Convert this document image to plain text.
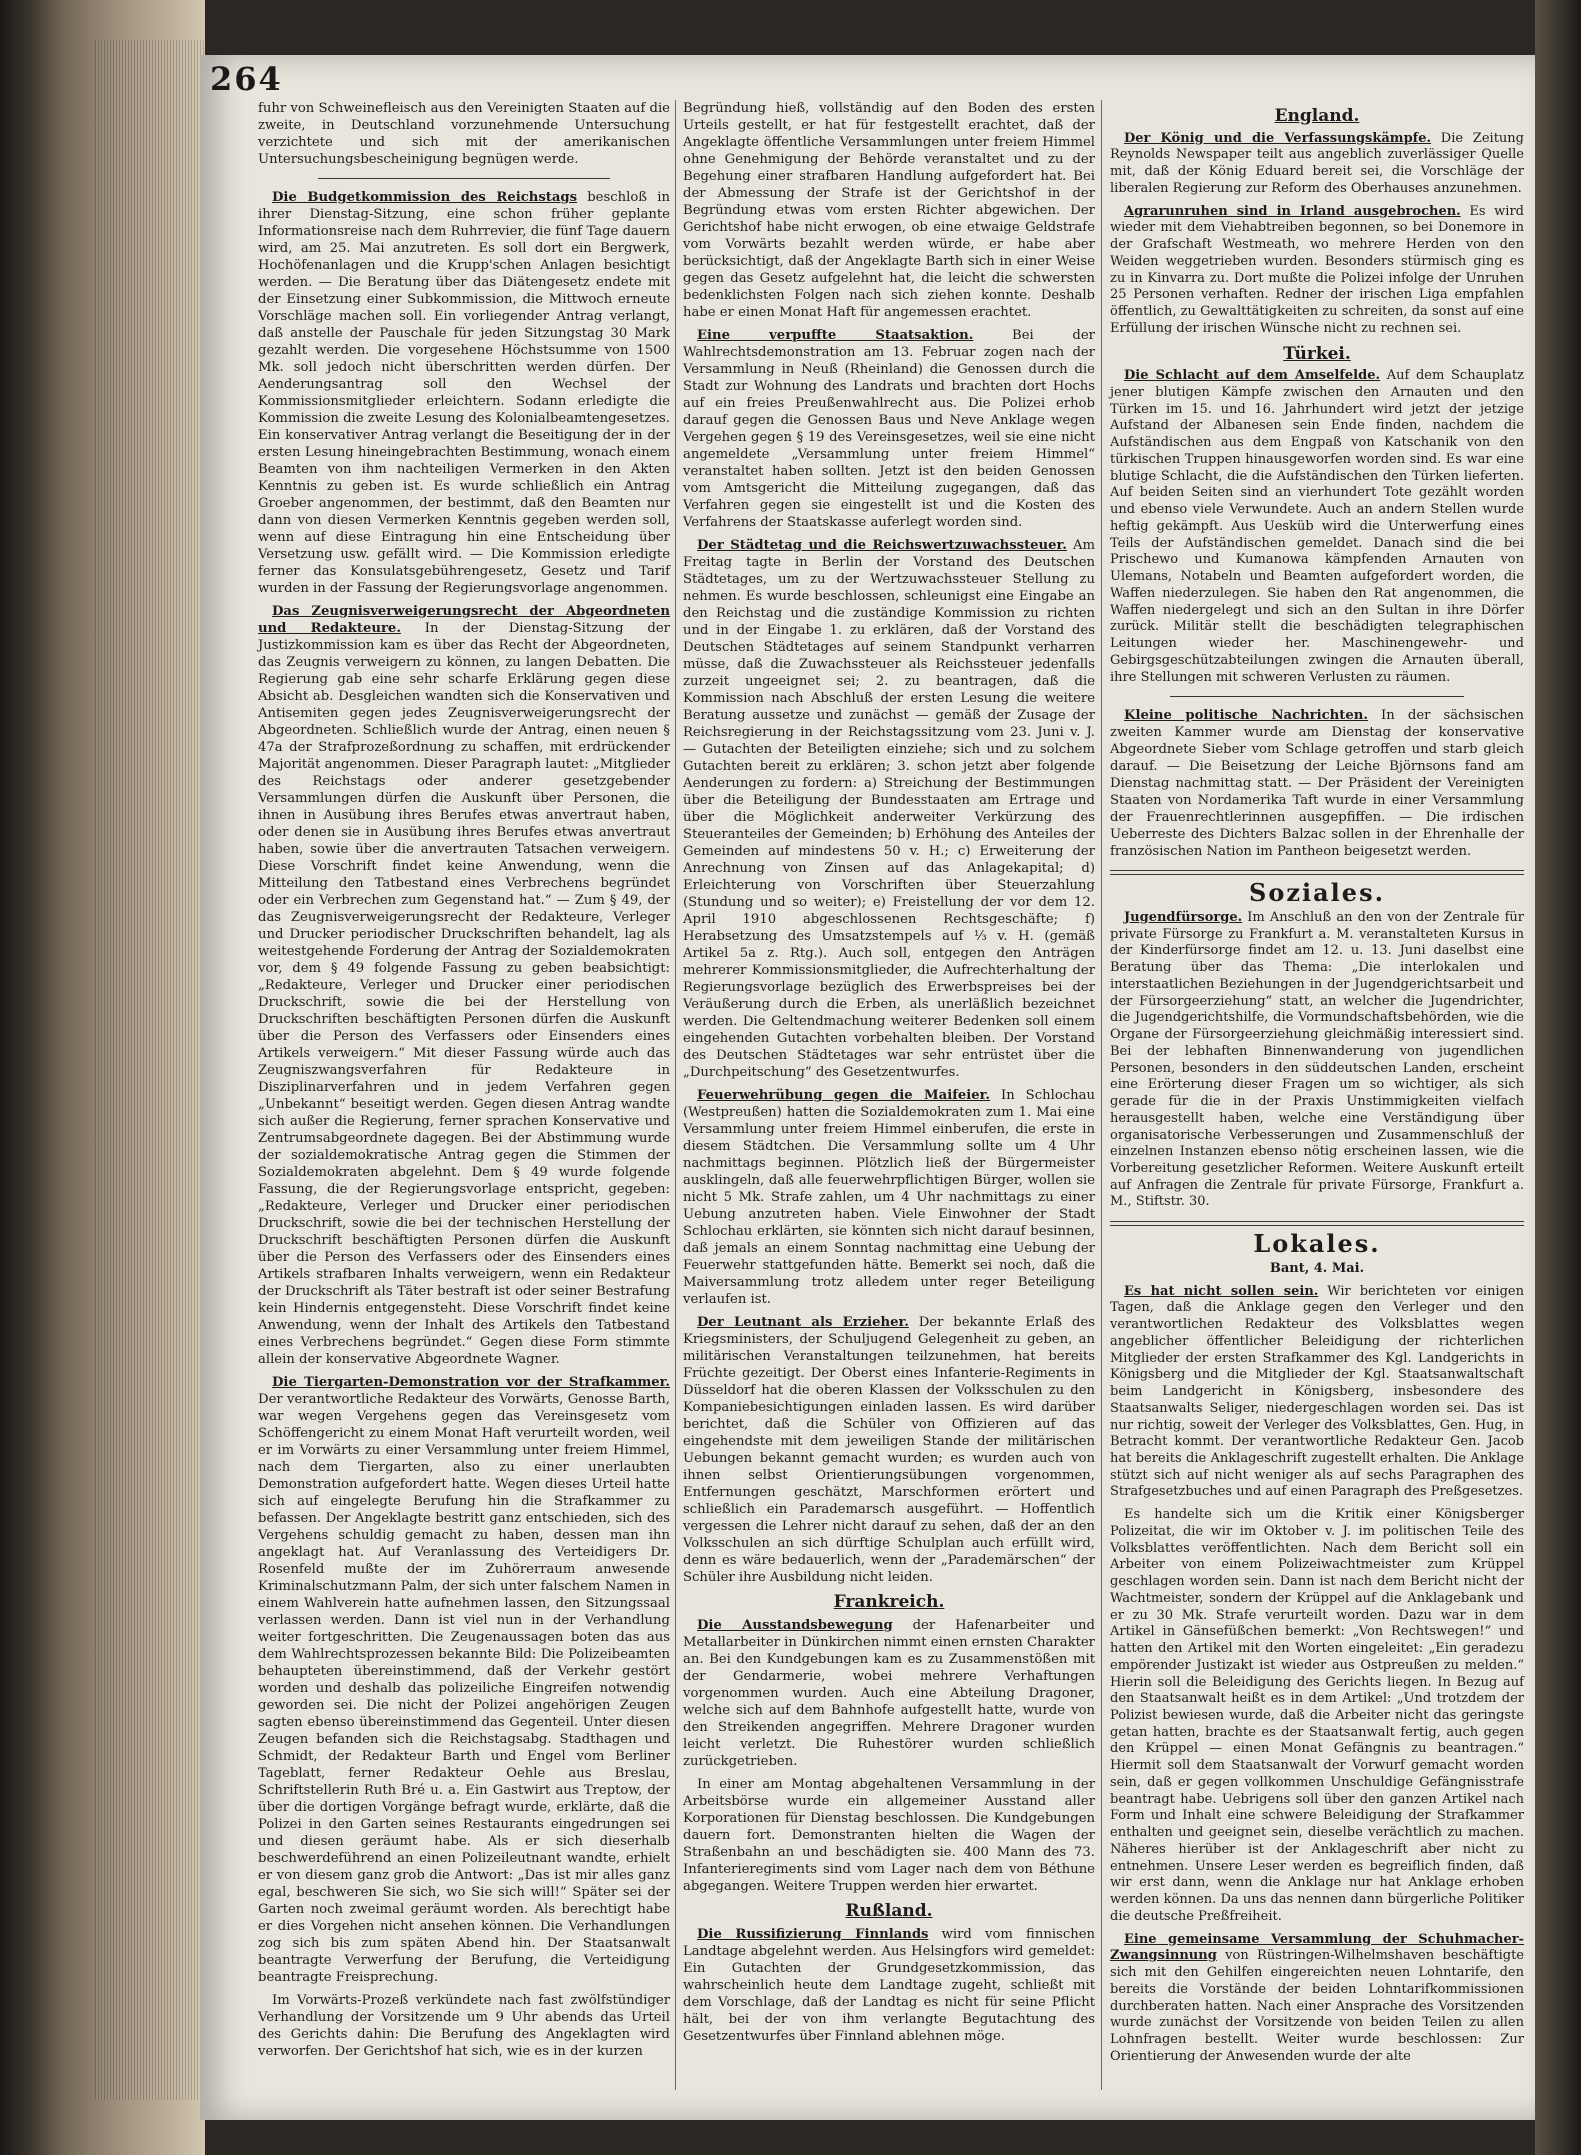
264

fuhr von Schweinefleisch aus den Vereinigten Staaten auf die zweite, in Deutschland vorzunehmende Untersuchung verzichtete und sich mit der amerikanischen Untersuchungsbescheinigung begnügen werde.

Die Budgetkommission des Reichstags beschloß in ihrer Dienstag-Sitzung, eine schon früher geplante Informationsreise nach dem Ruhrrevier, die fünf Tage dauern wird, am 25. Mai anzutreten. Es soll dort ein Bergwerk, Hochöfenanlagen und die Krupp'schen Anlagen besichtigt werden. — Die Beratung über das Diätengesetz endete mit der Einsetzung einer Subkommission, die Mittwoch erneute Vorschläge machen soll. Ein vorliegender Antrag verlangt, daß anstelle der Pauschale für jeden Sitzungstag 30 Mark gezahlt werden. Die vorgesehene Höchstsumme von 1500 Mk. soll jedoch nicht überschritten werden dürfen. Der Aenderungsantrag soll den Wechsel der Kommissionsmitglieder erleichtern. Sodann erledigte die Kommission die zweite Lesung des Kolonialbeamtengesetzes. Ein konservativer Antrag verlangt die Beseitigung der in der ersten Lesung hineingebrachten Bestimmung, wonach einem Beamten von ihm nachteiligen Vermerken in den Akten Kenntnis zu geben ist. Es wurde schließlich ein Antrag Groeber angenommen, der bestimmt, daß den Beamten nur dann von diesen Vermerken Kenntnis gegeben werden soll, wenn auf diese Eintragung hin eine Entscheidung über Versetzung usw. gefällt wird. — Die Kommission erledigte ferner das Konsulatsgebührengesetz, Gesetz und Tarif wurden in der Fassung der Regierungsvorlage angenommen.

Das Zeugnisverweigerungsrecht der Abgeordneten und Redakteure. In der Dienstag-Sitzung der Justizkommission kam es über das Recht der Abgeordneten, das Zeugnis verweigern zu können, zu langen Debatten. Die Regierung gab eine sehr scharfe Erklärung gegen diese Absicht ab. Desgleichen wandten sich die Konservativen und Antisemiten gegen jedes Zeugnisverweigerungsrecht der Abgeordneten. Schließlich wurde der Antrag, einen neuen § 47a der Strafprozeßordnung zu schaffen, mit erdrückender Majorität angenommen. Dieser Paragraph lautet: „Mitglieder des Reichstags oder anderer gesetzgebender Versammlungen dürfen die Auskunft über Personen, die ihnen in Ausübung ihres Berufes etwas anvertraut haben, oder denen sie in Ausübung ihres Berufes etwas anvertraut haben, sowie über die anvertrauten Tatsachen verweigern. Diese Vorschrift findet keine Anwendung, wenn die Mitteilung den Tatbestand eines Verbrechens begründet oder ein Verbrechen zum Gegenstand hat.“ — Zum § 49, der das Zeugnisverweigerungsrecht der Redakteure, Verleger und Drucker periodischer Druckschriften behandelt, lag als weitestgehende Forderung der Antrag der Sozialdemokraten vor, dem § 49 folgende Fassung zu geben beabsichtigt: „Redakteure, Verleger und Drucker einer periodischen Druckschrift, sowie die bei der Herstellung von Druckschriften beschäftigten Personen dürfen die Auskunft über die Person des Verfassers oder Einsenders eines Artikels verweigern.“ Mit dieser Fassung würde auch das Zeugniszwangsverfahren für Redakteure in Disziplinarverfahren und in jedem Verfahren gegen „Unbekannt“ beseitigt werden. Gegen diesen Antrag wandte sich außer die Regierung, ferner sprachen Konservative und Zentrumsabgeordnete dagegen. Bei der Abstimmung wurde der sozialdemokratische Antrag gegen die Stimmen der Sozialdemokraten abgelehnt. Dem § 49 wurde folgende Fassung, die der Regierungsvorlage entspricht, gegeben: „Redakteure, Verleger und Drucker einer periodischen Druckschrift, sowie die bei der technischen Herstellung der Druckschrift beschäftigten Personen dürfen die Auskunft über die Person des Verfassers oder des Einsenders eines Artikels strafbaren Inhalts verweigern, wenn ein Redakteur der Druckschrift als Täter bestraft ist oder seiner Bestrafung kein Hindernis entgegensteht. Diese Vorschrift findet keine Anwendung, wenn der Inhalt des Artikels den Tatbestand eines Verbrechens begründet.“ Gegen diese Form stimmte allein der konservative Abgeordnete Wagner.

Die Tiergarten-Demonstration vor der Strafkammer. Der verantwortliche Redakteur des Vorwärts, Genosse Barth, war wegen Vergehens gegen das Vereinsgesetz vom Schöffengericht zu einem Monat Haft verurteilt worden, weil er im Vorwärts zu einer Versammlung unter freiem Himmel, nach dem Tiergarten, also zu einer unerlaubten Demonstration aufgefordert hatte. Wegen dieses Urteil hatte sich auf eingelegte Berufung hin die Strafkammer zu befassen. Der Angeklagte bestritt ganz entschieden, sich des Vergehens schuldig gemacht zu haben, dessen man ihn angeklagt hat. Auf Veranlassung des Verteidigers Dr. Rosenfeld mußte der im Zuhörerraum anwesende Kriminalschutzmann Palm, der sich unter falschem Namen in einem Wahlverein hatte aufnehmen lassen, den Sitzungssaal verlassen werden. Dann ist viel nun in der Verhandlung weiter fortgeschritten. Die Zeugenaussagen boten das aus dem Wahlrechtsprozessen bekannte Bild: Die Polizeibeamten behaupteten übereinstimmend, daß der Verkehr gestört worden und deshalb das polizeiliche Eingreifen notwendig geworden sei. Die nicht der Polizei angehörigen Zeugen sagten ebenso übereinstimmend das Gegenteil. Unter diesen Zeugen befanden sich die Reichstagsabg. Stadthagen und Schmidt, der Redakteur Barth und Engel vom Berliner Tageblatt, ferner Redakteur Oehle aus Breslau, Schriftstellerin Ruth Bré u. a. Ein Gastwirt aus Treptow, der über die dortigen Vorgänge befragt wurde, erklärte, daß die Polizei in den Garten seines Restaurants eingedrungen sei und diesen geräumt habe. Als er sich dieserhalb beschwerdeführend an einen Polizeileutnant wandte, erhielt er von diesem ganz grob die Antwort: „Das ist mir alles ganz egal, beschweren Sie sich, wo Sie sich will!“ Später sei der Garten noch zweimal geräumt worden. Als berechtigt habe er dies Vorgehen nicht ansehen können. Die Verhandlungen zog sich bis zum späten Abend hin. Der Staatsanwalt beantragte Verwerfung der Berufung, die Verteidigung beantragte Freisprechung.

Im Vorwärts-Prozeß verkündete nach fast zwölfstündiger Verhandlung der Vorsitzende um 9 Uhr abends das Urteil des Gerichts dahin: Die Berufung des Angeklagten wird verworfen. Der Gerichtshof hat sich, wie es in der kurzen

Begründung hieß, vollständig auf den Boden des ersten Urteils gestellt, er hat für festgestellt erachtet, daß der Angeklagte öffentliche Versammlungen unter freiem Himmel ohne Genehmigung der Behörde veranstaltet und zu der Begehung einer strafbaren Handlung aufgefordert hat. Bei der Abmessung der Strafe ist der Gerichtshof in der Begründung etwas vom ersten Richter abgewichen. Der Gerichtshof habe nicht erwogen, ob eine etwaige Geldstrafe vom Vorwärts bezahlt werden würde, er habe aber berücksichtigt, daß der Angeklagte Barth sich in einer Weise gegen das Gesetz aufgelehnt hat, die leicht die schwersten bedenklichsten Folgen nach sich ziehen konnte. Deshalb habe er einen Monat Haft für angemessen erachtet.

Eine verpuffte Staatsaktion. Bei der Wahlrechtsdemonstration am 13. Februar zogen nach der Versammlung in Neuß (Rheinland) die Genossen durch die Stadt zur Wohnung des Landrats und brachten dort Hochs auf ein freies Preußenwahlrecht aus. Die Polizei erhob darauf gegen die Genossen Baus und Neve Anklage wegen Vergehen gegen § 19 des Vereinsgesetzes, weil sie eine nicht angemeldete „Versammlung unter freiem Himmel“ veranstaltet haben sollten. Jetzt ist den beiden Genossen vom Amtsgericht die Mitteilung zugegangen, daß das Verfahren gegen sie eingestellt ist und die Kosten des Verfahrens der Staatskasse auferlegt worden sind.

Der Städtetag und die Reichswertzuwachssteuer. Am Freitag tagte in Berlin der Vorstand des Deutschen Städtetages, um zu der Wertzuwachssteuer Stellung zu nehmen. Es wurde beschlossen, schleunigst eine Eingabe an den Reichstag und die zuständige Kommission zu richten und in der Eingabe 1. zu erklären, daß der Vorstand des Deutschen Städtetages auf seinem Standpunkt verharren müsse, daß die Zuwachssteuer als Reichssteuer jedenfalls zurzeit ungeeignet sei; 2. zu beantragen, daß die Kommission nach Abschluß der ersten Lesung die weitere Beratung aussetze und zunächst — gemäß der Zusage der Reichsregierung in der Reichstagssitzung vom 23. Juni v. J. — Gutachten der Beteiligten einziehe; sich und zu solchem Gutachten bereit zu erklären; 3. schon jetzt aber folgende Aenderungen zu fordern: a) Streichung der Bestimmungen über die Beteiligung der Bundesstaaten am Ertrage und über die Möglichkeit anderweiter Verkürzung des Steueranteiles der Gemeinden; b) Erhöhung des Anteiles der Gemeinden auf mindestens 50 v. H.; c) Erweiterung der Anrechnung von Zinsen auf das Anlagekapital; d) Erleichterung von Vorschriften über Steuerzahlung (Stundung und so weiter); e) Freistellung der vor dem 12. April 1910 abgeschlossenen Rechtsgeschäfte; f) Herabsetzung des Umsatzstempels auf ⅓ v. H. (gemäß Artikel 5a z. Rtg.). Auch soll, entgegen den Anträgen mehrerer Kommissionsmitglieder, die Aufrechterhaltung der Regierungsvorlage bezüglich des Erwerbspreises bei der Veräußerung durch die Erben, als unerläßlich bezeichnet werden. Die Geltendmachung weiterer Bedenken soll einem eingehenden Gutachten vorbehalten bleiben. Der Vorstand des Deutschen Städtetages war sehr entrüstet über die „Durchpeitschung“ des Gesetzentwurfes.

Feuerwehrübung gegen die Maifeier. In Schlochau (Westpreußen) hatten die Sozialdemokraten zum 1. Mai eine Versammlung unter freiem Himmel einberufen, die erste in diesem Städtchen. Die Versammlung sollte um 4 Uhr nachmittags beginnen. Plötzlich ließ der Bürgermeister ausklingeln, daß alle feuerwehrpflichtigen Bürger, wollen sie nicht 5 Mk. Strafe zahlen, um 4 Uhr nachmittags zu einer Uebung anzutreten haben. Viele Einwohner der Stadt Schlochau erklärten, sie könnten sich nicht darauf besinnen, daß jemals an einem Sonntag nachmittag eine Uebung der Feuerwehr stattgefunden hätte. Bemerkt sei noch, daß die Maiversammlung trotz alledem unter reger Beteiligung verlaufen ist.

Der Leutnant als Erzieher. Der bekannte Erlaß des Kriegsministers, der Schuljugend Gelegenheit zu geben, an militärischen Veranstaltungen teilzunehmen, hat bereits Früchte gezeitigt. Der Oberst eines Infanterie-Regiments in Düsseldorf hat die oberen Klassen der Volksschulen zu den Kompaniebesichtigungen einladen lassen. Es wird darüber berichtet, daß die Schüler von Offizieren auf das eingehendste mit dem jeweiligen Stande der militärischen Uebungen bekannt gemacht wurden; es wurden auch von ihnen selbst Orientierungsübungen vorgenommen, Entfernungen geschätzt, Marschformen erörtert und schließlich ein Parademarsch ausgeführt. — Hoffentlich vergessen die Lehrer nicht darauf zu sehen, daß der an den Volksschulen an sich dürftige Schulplan auch erfüllt wird, denn es wäre bedauerlich, wenn der „Parademärschen“ der Schüler ihre Ausbildung nicht leiden.

Frankreich.

Die Ausstandsbewegung der Hafenarbeiter und Metallarbeiter in Dünkirchen nimmt einen ernsten Charakter an. Bei den Kundgebungen kam es zu Zusammenstößen mit der Gendarmerie, wobei mehrere Verhaftungen vorgenommen wurden. Auch eine Abteilung Dragoner, welche sich auf dem Bahnhofe aufgestellt hatte, wurde von den Streikenden angegriffen. Mehrere Dragoner wurden leicht verletzt. Die Ruhestörer wurden schließlich zurückgetrieben.

In einer am Montag abgehaltenen Versammlung in der Arbeitsbörse wurde ein allgemeiner Ausstand aller Korporationen für Dienstag beschlossen. Die Kundgebungen dauern fort. Demonstranten hielten die Wagen der Straßenbahn an und beschädigten sie. 400 Mann des 73. Infanterieregiments sind vom Lager nach dem von Béthune abgegangen. Weitere Truppen werden hier erwartet.

Rußland.

Die Russifizierung Finnlands wird vom finnischen Landtage abgelehnt werden. Aus Helsingfors wird gemeldet: Ein Gutachten der Grundgesetzkommission, das wahrscheinlich heute dem Landtage zugeht, schließt mit dem Vorschlage, daß der Landtag es nicht für seine Pflicht hält, bei der von ihm verlangte Begutachtung des Gesetzentwurfes über Finnland ablehnen möge.

England.

Der König und die Verfassungskämpfe. Die Zeitung Reynolds Newspaper teilt aus angeblich zuverlässiger Quelle mit, daß der König Eduard bereit sei, die Vorschläge der liberalen Regierung zur Reform des Oberhauses anzunehmen.

Agrarunruhen sind in Irland ausgebrochen. Es wird wieder mit dem Viehabtreiben begonnen, so bei Donemore in der Grafschaft Westmeath, wo mehrere Herden von den Weiden weggetrieben wurden. Besonders stürmisch ging es zu in Kinvarra zu. Dort mußte die Polizei infolge der Unruhen 25 Personen verhaften. Redner der irischen Liga empfahlen öffentlich, zu Gewalttätigkeiten zu schreiten, da sonst auf eine Erfüllung der irischen Wünsche nicht zu rechnen sei.

Türkei.

Die Schlacht auf dem Amselfelde. Auf dem Schauplatz jener blutigen Kämpfe zwischen den Arnauten und den Türken im 15. und 16. Jahrhundert wird jetzt der jetzige Aufstand der Albanesen sein Ende finden, nachdem die Aufständischen aus dem Engpaß von Katschanik von den türkischen Truppen hinausgeworfen worden sind. Es war eine blutige Schlacht, die die Aufständischen den Türken lieferten. Auf beiden Seiten sind an vierhundert Tote gezählt worden und ebenso viele Verwundete. Auch an andern Stellen wurde heftig gekämpft. Aus Uesküb wird die Unterwerfung eines Teils der Aufständischen gemeldet. Danach sind die bei Prischewo und Kumanowa kämpfenden Arnauten von Ulemans, Notabeln und Beamten aufgefordert worden, die Waffen niederzulegen. Sie haben den Rat angenommen, die Waffen niedergelegt und sich an den Sultan in ihre Dörfer zurück. Militär stellt die beschädigten telegraphischen Leitungen wieder her. Maschinengewehr- und Gebirgsgeschützabteilungen zwingen die Arnauten überall, ihre Stellungen mit schweren Verlusten zu räumen.

Kleine politische Nachrichten. In der sächsischen zweiten Kammer wurde am Dienstag der konservative Abgeordnete Sieber vom Schlage getroffen und starb gleich darauf. — Die Beisetzung der Leiche Björnsons fand am Dienstag nachmittag statt. — Der Präsident der Vereinigten Staaten von Nordamerika Taft wurde in einer Versammlung der Frauenrechtlerinnen ausgepfiffen. — Die irdischen Ueberreste des Dichters Balzac sollen in der Ehrenhalle der französischen Nation im Pantheon beigesetzt werden.

Soziales.

Jugendfürsorge. Im Anschluß an den von der Zentrale für private Fürsorge zu Frankfurt a. M. veranstalteten Kursus in der Kinderfürsorge findet am 12. u. 13. Juni daselbst eine Beratung über das Thema: „Die interlokalen und interstaatlichen Beziehungen in der Jugendgerichtsarbeit und der Fürsorgeerziehung“ statt, an welcher die Jugendrichter, die Jugendgerichtshilfe, die Vormundschaftsbehörden, wie die Organe der Fürsorgeerziehung gleichmäßig interessiert sind. Bei der lebhaften Binnenwanderung von jugendlichen Personen, besonders in den süddeutschen Landen, erscheint eine Erörterung dieser Fragen um so wichtiger, als sich gerade für die in der Praxis Unstimmigkeiten vielfach herausgestellt haben, welche eine Verständigung über organisatorische Verbesserungen und Zusammenschluß der einzelnen Instanzen ebenso nötig erscheinen lassen, wie die Vorbereitung gesetzlicher Reformen. Weitere Auskunft erteilt auf Anfragen die Zentrale für private Fürsorge, Frankfurt a. M., Stiftstr. 30.

Lokales.

Bant, 4. Mai.

Es hat nicht sollen sein. Wir berichteten vor einigen Tagen, daß die Anklage gegen den Verleger und den verantwortlichen Redakteur des Volksblattes wegen angeblicher öffentlicher Beleidigung der richterlichen Mitglieder der ersten Strafkammer des Kgl. Landgerichts in Königsberg und die Mitglieder der Kgl. Staatsanwaltschaft beim Landgericht in Königsberg, insbesondere des Staatsanwalts Seliger, niedergeschlagen worden sei. Das ist nur richtig, soweit der Verleger des Volksblattes, Gen. Hug, in Betracht kommt. Der verantwortliche Redakteur Gen. Jacob hat bereits die Anklageschrift zugestellt erhalten. Die Anklage stützt sich auf nicht weniger als auf sechs Paragraphen des Strafgesetzbuches und auf einen Paragraph des Preßgesetzes.

Es handelte sich um die Kritik einer Königsberger Polizeitat, die wir im Oktober v. J. im politischen Teile des Volksblattes veröffentlichten. Nach dem Bericht soll ein Arbeiter von einem Polizeiwachtmeister zum Krüppel geschlagen worden sein. Dann ist nach dem Bericht nicht der Wachtmeister, sondern der Krüppel auf die Anklagebank und er zu 30 Mk. Strafe verurteilt worden. Dazu war in dem Artikel in Gänsefüßchen bemerkt: „Von Rechtswegen!“ und hatten den Artikel mit den Worten eingeleitet: „Ein geradezu empörender Justizakt ist wieder aus Ostpreußen zu melden.“ Hierin soll die Beleidigung des Gerichts liegen. In Bezug auf den Staatsanwalt heißt es in dem Artikel: „Und trotzdem der Polizist bewiesen wurde, daß die Arbeiter nicht das geringste getan hatten, brachte es der Staatsanwalt fertig, auch gegen den Krüppel — einen Monat Gefängnis zu beantragen.“ Hiermit soll dem Staatsanwalt der Vorwurf gemacht worden sein, daß er gegen vollkommen Unschuldige Gefängnisstrafe beantragt habe. Uebrigens soll über den ganzen Artikel nach Form und Inhalt eine schwere Beleidigung der Strafkammer enthalten und geeignet sein, dieselbe verächtlich zu machen. Näheres hierüber ist der Anklageschrift aber nicht zu entnehmen. Unsere Leser werden es begreiflich finden, daß wir erst dann, wenn die Anklage nur hat Anklage erhoben werden können. Da uns das nennen dann bürgerliche Politiker die deutsche Preßfreiheit.

Eine gemeinsame Versammlung der Schuhmacher-Zwangsinnung von Rüstringen-Wilhelmshaven beschäftigte sich mit den Gehilfen eingereichten neuen Lohntarife, den bereits die Vorstände der beiden Lohntarifkommissionen durchberaten hatten. Nach einer Ansprache des Vorsitzenden wurde zunächst der Vorsitzende von beiden Teilen zu allen Lohnfragen bestellt. Weiter wurde beschlossen: Zur Orientierung der Anwesenden wurde der alte
